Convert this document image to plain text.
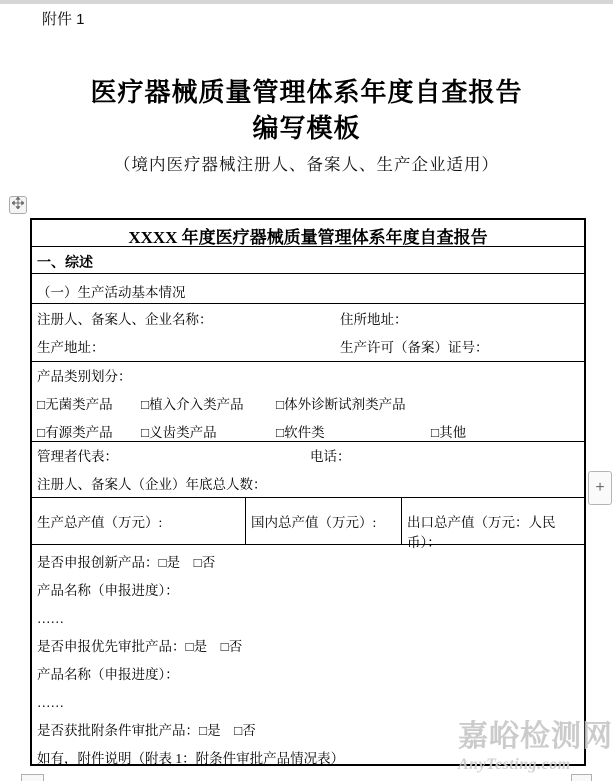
附件 1
医疗器械质量管理体系年度自查报告
编写模板
（境内医疗器械注册人、备案人、生产企业适用）
XXXX 年度医疗器械质量管理体系年度自查报告
一、综述
（一）生产活动基本情况
注册人、备案人、企业名称：	住所地址：
生产地址：	生产许可（备案）证号：
产品类别划分：
□无菌类产品 □植入介入类产品 □体外诊断试剂类产品
□有源类产品 □义齿类产品	□软件类	□其他
管理者代表：	电话：
注册人、备案人（企业）年底总人数：
生产总产值（万元）:	国内总产值（万元）:	出口总产值（万元：人民币）：
是否申报创新产品：□是　□否
产品名称（申报进度）：
……
是否申报优先审批产品：□是　□否
产品名称（申报进度）：
……
是否获批附条件审批产品：□是　□否
如有，附件说明（附表 1：附条件审批产品情况表）
+
嘉峪检测网
AnyTesting.com
